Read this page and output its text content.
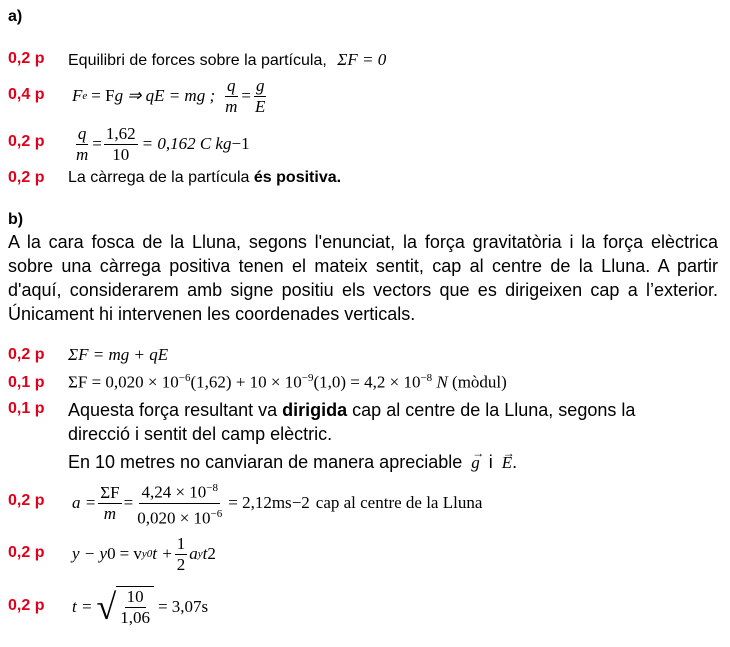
a)
0,2 p Equilibri de forces sobre la partícula, ΣF = 0
0,4 p F e = F g ⇒ qE = mg ; $\frac{q}{m} = \frac{g}{E}$
0,2 p $\frac{q}{m} = \frac{1,62}{10} = 0,162$ C kg −1
0,2 p La càrrega de la partícula és positiva.
b)
A la cara fosca de la Lluna, segons l'enunciat, la força gravitatòria i la força elèctrica sobre una càrrega positiva tenen el mateix sentit, cap al centre de la Lluna. A partir d'aquí, considerarem amb signe positiu els vectors que es dirigeixen cap a l’exterior. Únicament hi intervenen les coordenades verticals.
0,2 p ΣF = mg + qE
0,1 p $\Sigma F = 0,020 \times 10^{-6}(1,62) + 10 \times 10^{-9}(1,0) = 4,2 \times 10^{-8}$ N (mòdul)
0,1 p Aquesta força resultant va dirigida cap al centre de la Lluna, segons la
direcció i sentit del camp elèctric.
En 10 metres no canviaran de manera apreciable → g i → E.
0,2 p $a = \frac{\Sigma F}{m} = \frac{4,24 \times 10^{-8}}{0,020 \times 10^{-6}} = 2,12ms -2$ cap al centre de la Lluna
0,2 p y − y 0 = v y0 $t + \frac{1}{2}$ a y t 2
0,2 p t = √ $\frac{10}{1,06} = 3,07s$
